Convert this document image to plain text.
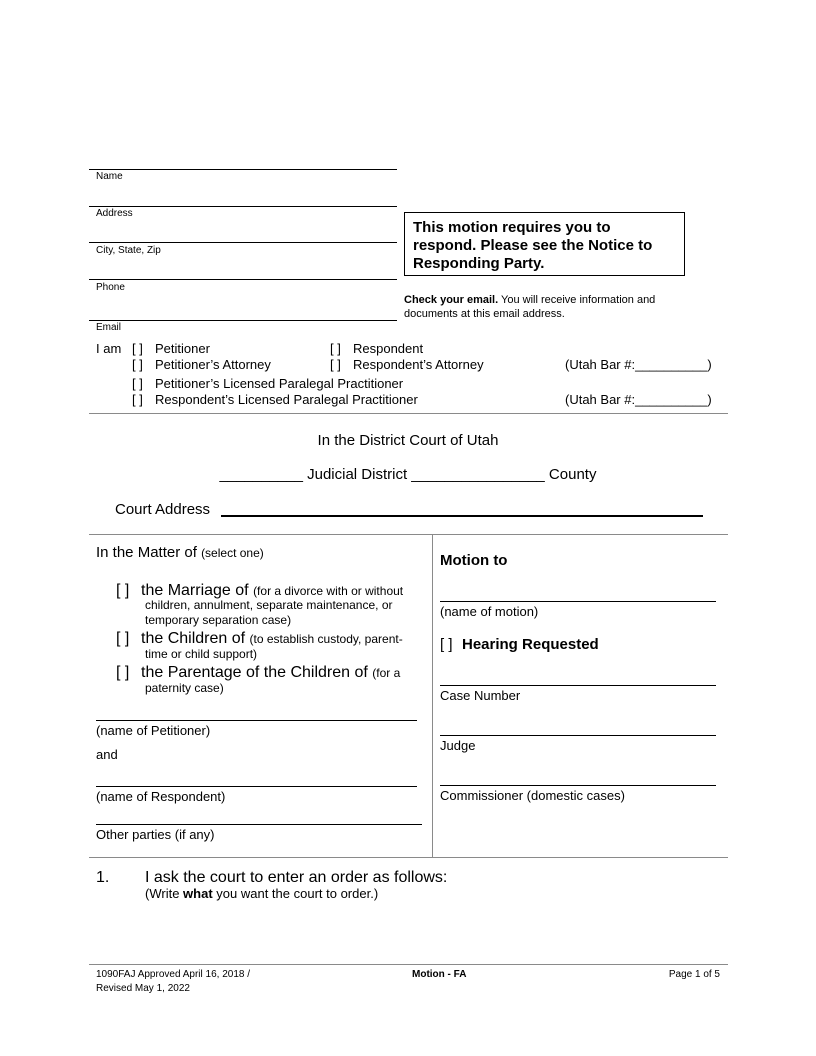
Name
Address
City, State, Zip
Phone
Email
This motion requires you to respond. Please see the Notice to Responding Party.
Check your email. You will receive information and documents at this email address.
I am [ ] Petitioner	[ ] Respondent
[ ] Petitioner’s Attorney	[ ] Respondent’s Attorney	(Utah Bar #:__________)
[ ] Petitioner’s Licensed Paralegal Practitioner
[ ] Respondent’s Licensed Paralegal Practitioner	(Utah Bar #:__________)
In the District Court of Utah
__________ Judicial District ________________ County
Court Address
In the Matter of (select one)
[ ] the Marriage of (for a divorce with or without
children, annulment, separate maintenance, or
temporary separation case)
[ ] the Children of (to establish custody, parent-
time or child support)
[ ] the Parentage of the Children of (for a
paternity case)
(name of Petitioner)
and
(name of Respondent)
Other parties (if any)
Motion to
(name of motion)
[ ] Hearing Requested
Case Number
Judge
Commissioner (domestic cases)
1. I ask the court to enter an order as follows:
(Write what you want the court to order.)
1090FAJ Approved April 16, 2018 /
Revised May 1, 2022
Motion - FA	Page 1 of 5
